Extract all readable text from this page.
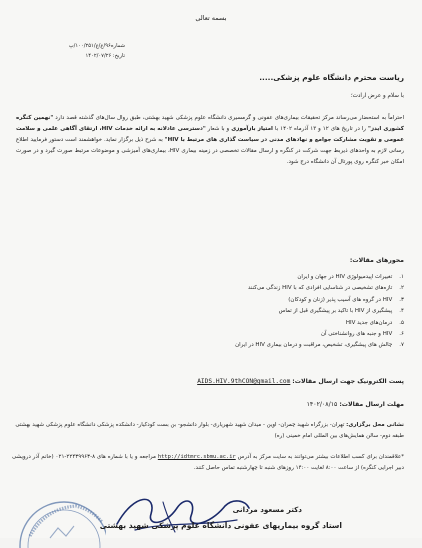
بسمه تعالی
شماره۹۶/ع/ع/۱۰۰/۲۵۱/پ
تاریخ: ۱۴۰۲/۰۷/۲۶
ریاست محترم دانشگاه علوم پزشکی.....
با سلام و عرض ارادت؛
احتراماً به استحضار می‌رساند مرکز تحقیقات بیماری‌های عفونی و گرمسیری دانشگاه علوم پزشکی شهید بهشتی، طبق روال سال‌های گذشته قصد دارد "نهمین کنگره کشوری ایدز" را در تاریخ های ۱۲ و ۱۳ آذرماه ۱۴۰۲ با امتیاز بازآموزی و با شعار "دسترسی عادلانه به ارائه خدمات HIV، ارتقای آگاهی علمی و سلامت عمومی و تقویت مشارکت جوامع و نهادهای مدنی در سیاست گذاری های مرتبط با HIV" به شرح ذیل برگزار نماید. خواهشمند است دستور فرمایید اطلاع رسانی لازم به واحدهای ذیربط جهت شرکت در کنگره و ارسال مقالات تخصصی در زمینه بیماری HIV، بیماری‌های آمیزشی و موضوعات مرتبط صورت گیرد و در صورت امکان خبر کنگره روی پورتال آن دانشگاه درج شود.
محورهای مقالات:
۱. تغییرات اپیدمیولوژی HIV در جهان و ایران
۲. تازه‌های تشخیصی در شناسایی افرادی که با HIV زندگی می‌کنند
۳. HIV در گروه های آسیب پذیر (زنان و کودکان)
۴. پیشگیری از HIV با تاکید بر پیشگیری قبل از تماس
۵. درمان‌های جدید HIV
۶. HIV و جنبه های روانشناختی آن
۷. چالش های پیشگیری، تشخیص، مراقبت و درمان بیماری HIV در ایران
پست الکترونیک جهت ارسال مقالات: AIDS.HIV.9thCON@gmail.com
مهلت ارسال مقالات: ۱۴۰۲/۰۸/۱۵
نشانی محل برگزاری: تهران- بزرگراه شهید چمران- اوین - میدان شهید شهریاری- بلوار دانشجو- بن بست کودکیار- دانشکده پزشکی دانشگاه علوم پزشکی شهید بهشتی طبقه دوم- سالن همایش‌های بین المللی امام خمینی (ره)
*علاقمندان برای کسب اطلاعات بیشتر می‌توانند به سایت مرکز به آدرس http://idtmrc.sbmu.ac.ir مراجعه و یا با شماره های ۸-۲۲۴۳۹۹۶۳-۰۲۱ (خانم آذر درویشی دبیر اجرایی کنگره) از ساعت ۸:۰۰ لغایت ۱۴:۰۰ روزهای شنبه تا چهارشنبه تماس حاصل کنند.
دکتر مسعود مردانی
استاد گروه بیماریهای عفونی دانشگاه علوم پزشکی شهید بهشتی
